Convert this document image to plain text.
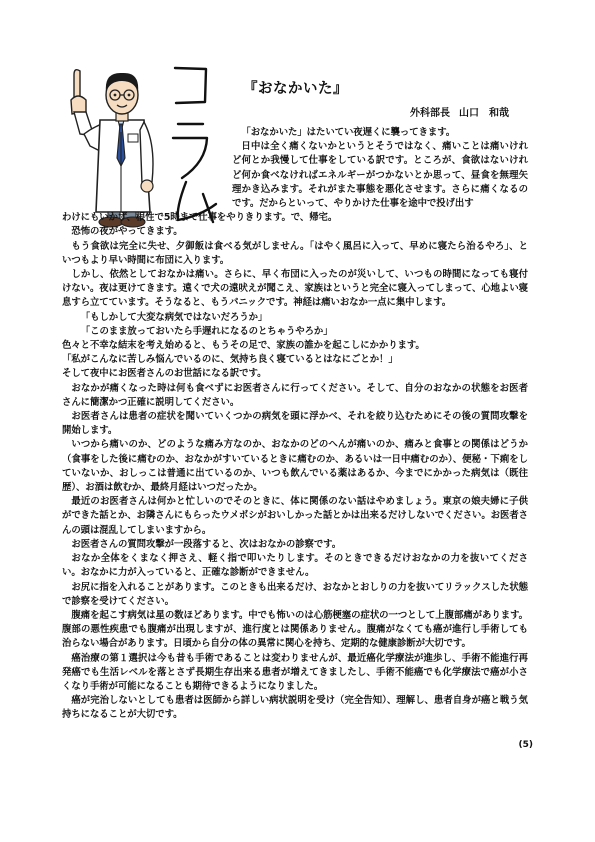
『おなかいた』
外科部長 山口　和哉

「おなかいた」はたいてい夜遅くに襲ってきます。

日中は全く痛くないかというとそうではなく、痛いことは痛いけれど何とか我慢して仕事をしている訳です。ところが、食欲はないけれど何か食べなければエネルギーがつかないとか思って、昼食を無理矢理かき込みます。それがまた事態を悪化させます。さらに痛くなるのです。だからといって、やりかけた仕事を途中で投げ出す

わけにもいかず、根性で5時まで仕事をやりきります。で、帰宅。

恐怖の夜がやってきます。

もう食欲は完全に失せ、夕御飯は食べる気がしません。「はやく風呂に入って、早めに寝たら治るやろ」、といつもより早い時間に布団に入ります。

しかし、依然としておなかは痛い。さらに、早く布団に入ったのが災いして、いつもの時間になっても寝付けない。夜は更けてきます。遠くで犬の遠吠えが聞こえ、家族はというと完全に寝入ってしまって、心地よい寝息すら立てています。そうなると、もうパニックです。神経は痛いおなか一点に集中します。

「もしかして大変な病気ではないだろうか」

「このまま放っておいたら手遅れになるのとちゃうやろか」

色々と不幸な結末を考え始めると、もうその足で、家族の誰かを起こしにかかります。

「私がこんなに苦しみ悩んでいるのに、気持ち良く寝ているとはなにごとか！」

そして夜中にお医者さんのお世話になる訳です。

おなかが痛くなった時は何も食べずにお医者さんに行ってください。そして、自分のおなかの状態をお医者さんに簡潔かつ正確に説明してください。

お医者さんは患者の症状を聞いていくつかの病気を頭に浮かべ、それを絞り込むためにその後の質問攻撃を開始します。

いつから痛いのか、どのような痛み方なのか、おなかのどのへんが痛いのか、痛みと食事との関係はどうか（食事をした後に痛むのか、おなかがすいているときに痛むのか、あるいは一日中痛むのか）、便秘・下痢をしていないか、おしっこは普通に出ているのか、いつも飲んでいる薬はあるか、今までにかかった病気は（既往歴）、お酒は飲むか、最終月経はいつだったか。

最近のお医者さんは何かと忙しいのでそのときに、体に関係のない話はやめましょう。東京の娘夫婦に子供ができた話とか、お隣さんにもらったウメボシがおいしかった話とかは出来るだけしないでください。お医者さんの頭は混乱してしまいますから。

お医者さんの質問攻撃が一段落すると、次はおなかの診察です。

おなか全体をくまなく押さえ、軽く指で叩いたりします。そのときできるだけおなかの力を抜いてください。おなかに力が入っていると、正確な診断ができません。

お尻に指を入れることがあります。このときも出来るだけ、おなかとおしりの力を抜いてリラックスした状態で診察を受けてください。

腹痛を起こす病気は星の数ほどあります。中でも怖いのは心筋梗塞の症状の一つとして上腹部痛があります。腹部の悪性疾患でも腹痛が出現しますが、進行度とは関係ありません。腹痛がなくても癌が進行し手術しても治らない場合があります。日頃から自分の体の異常に関心を持ち、定期的な健康診断が大切です。

癌治療の第１選択は今も昔も手術であることは変わりませんが、最近癌化学療法が進歩し、手術不能進行再発癌でも生活レベルを落とさず長期生存出来る患者が増えてきましたし、手術不能癌でも化学療法で癌が小さくなり手術が可能になることも期待できるようになりました。

癌が完治しないとしても患者は医師から詳しい病状説明を受け（完全告知）、理解し、患者自身が癌と戦う気持ちになることが大切です。

(5)
